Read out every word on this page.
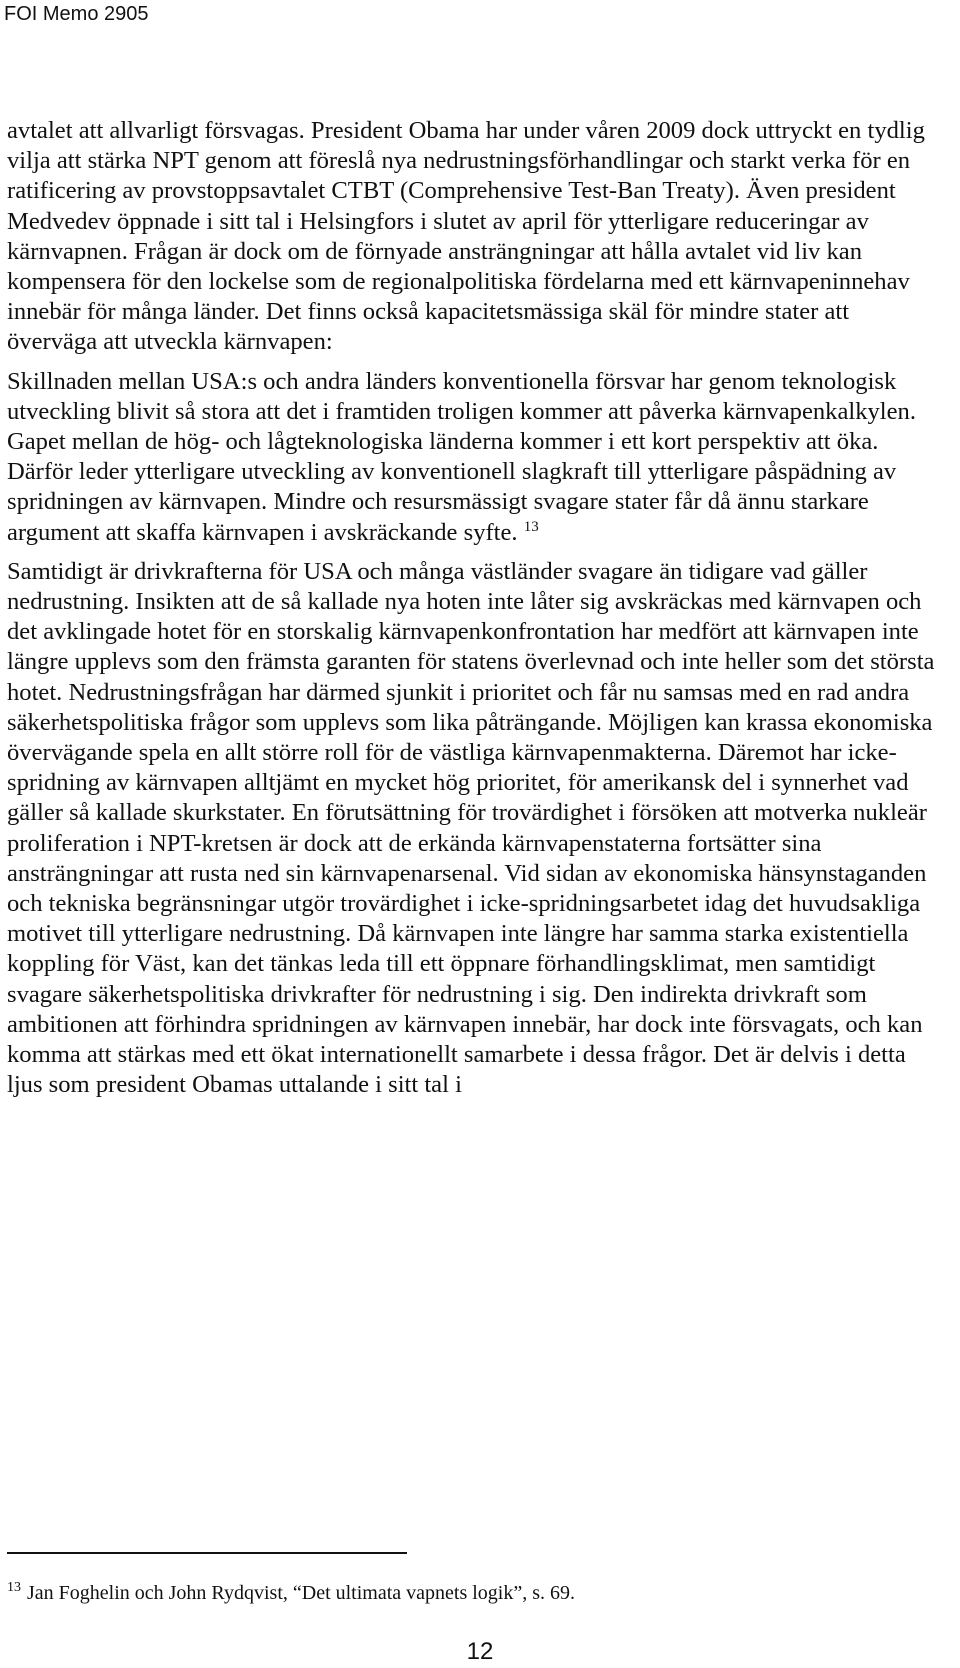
FOI Memo 2905

avtalet att allvarligt försvagas. President Obama har under våren 2009 dock uttryckt en tydlig vilja att stärka NPT genom att föreslå nya nedrustningsförhandlingar och starkt verka för en ratificering av provstoppsavtalet CTBT (Comprehensive Test-Ban Treaty). Även president Medvedev öppnade i sitt tal i Helsingfors i slutet av april för ytterligare reduceringar av kärnvapnen. Frågan är dock om de förnyade ansträngningar att hålla avtalet vid liv kan kompensera för den lockelse som de regionalpolitiska fördelarna med ett kärnvapeninnehav innebär för många länder. Det finns också kapacitetsmässiga skäl för mindre stater att överväga att utveckla kärnvapen:

Skillnaden mellan USA:s och andra länders konventionella försvar har genom teknologisk utveckling blivit så stora att det i framtiden troligen kommer att påverka kärnvapenkalkylen. Gapet mellan de hög- och lågteknologiska länderna kommer i ett kort perspektiv att öka. Därför leder ytterligare utveckling av konventionell slagkraft till ytterligare påspädning av spridningen av kärnvapen. Mindre och resursmässigt svagare stater får då ännu starkare argument att skaffa kärnvapen i avskräckande syfte. $^{13}$

Samtidigt är drivkrafterna för USA och många västländer svagare än tidigare vad gäller nedrustning. Insikten att de så kallade nya hoten inte låter sig avskräckas med kärnvapen och det avklingade hotet för en storskalig kärnvapenkonfrontation har medfört att kärnvapen inte längre upplevs som den främsta garanten för statens överlevnad och inte heller som det största hotet. Nedrustningsfrågan har därmed sjunkit i prioritet och får nu samsas med en rad andra säkerhetspolitiska frågor som upplevs som lika påträngande. Möjligen kan krassa ekonomiska övervägande spela en allt större roll för de västliga kärnvapenmakterna. Däremot har icke-spridning av kärnvapen alltjämt en mycket hög prioritet, för amerikansk del i synnerhet vad gäller så kallade skurkstater. En förutsättning för trovärdighet i försöken att motverka nukleär proliferation i NPT-kretsen är dock att de erkända kärnvapenstaterna fortsätter sina ansträngningar att rusta ned sin kärnvapenarsenal. Vid sidan av ekonomiska hänsynstaganden och tekniska begränsningar utgör trovärdighet i icke-spridningsarbetet idag det huvudsakliga motivet till ytterligare nedrustning. Då kärnvapen inte längre har samma starka existentiella koppling för Väst, kan det tänkas leda till ett öppnare förhandlingsklimat, men samtidigt svagare säkerhetspolitiska drivkrafter för nedrustning i sig. Den indirekta drivkraft som ambitionen att förhindra spridningen av kärnvapen innebär, har dock inte försvagats, och kan komma att stärkas med ett ökat internationellt samarbete i dessa frågor. Det är delvis i detta ljus som president Obamas uttalande i sitt tal i

$^{13}$ Jan Foghelin och John Rydqvist, “Det ultimata vapnets logik”, s. 69.
12
